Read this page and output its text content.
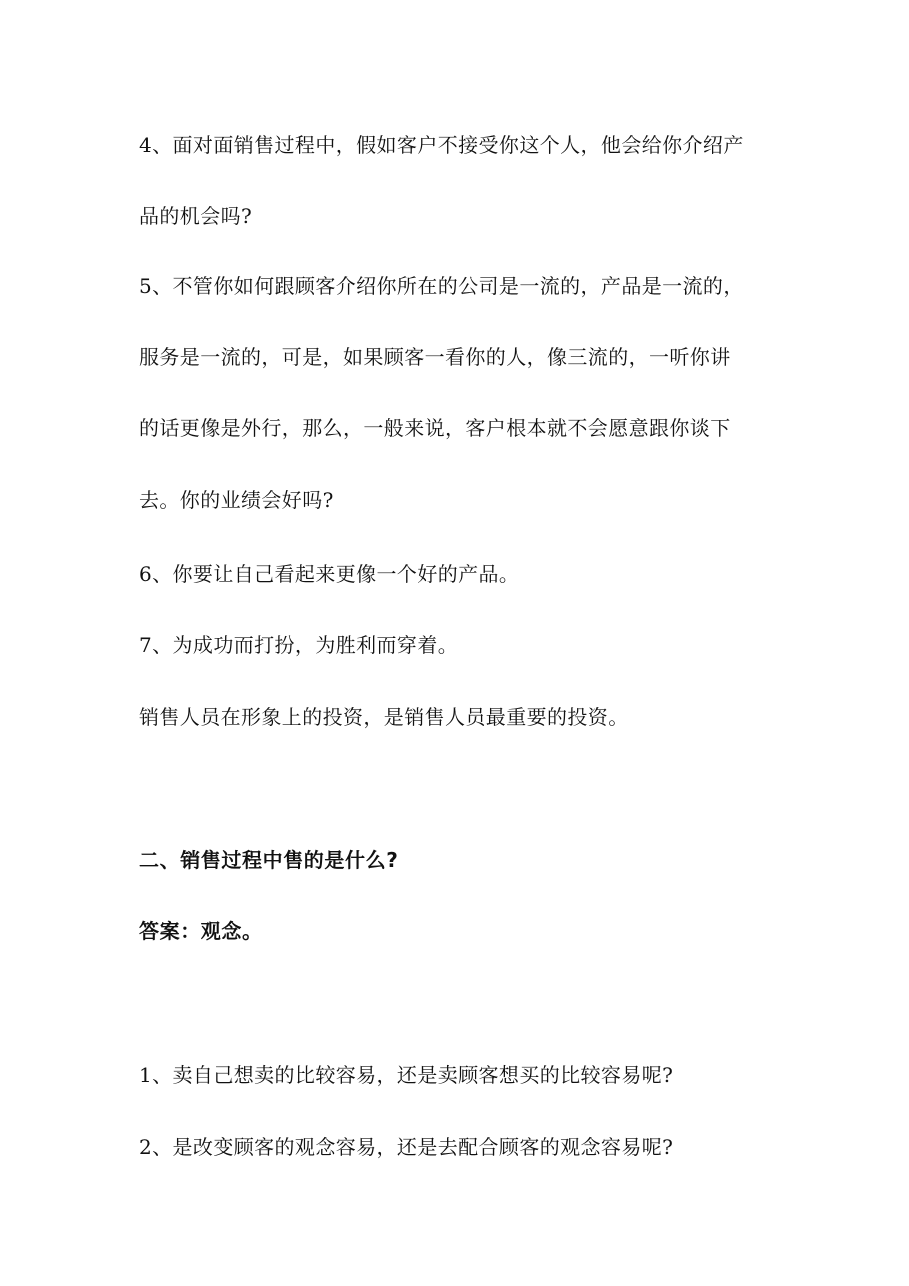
4、面对面销售过程中，假如客户不接受你这个人，他会给你介绍产
品的机会吗?
5、不管你如何跟顾客介绍你所在的公司是一流的，产品是一流的，
服务是一流的，可是，如果顾客一看你的人，像三流的，一听你讲
的话更像是外行，那么，一般来说，客户根本就不会愿意跟你谈下
去。你的业绩会好吗?
6、你要让自己看起来更像一个好的产品。
7、为成功而打扮，为胜利而穿着。
销售人员在形象上的投资，是销售人员最重要的投资。
二、销售过程中售的是什么?
答案：观念。
1、卖自己想卖的比较容易，还是卖顾客想买的比较容易呢?
2、是改变顾客的观念容易，还是去配合顾客的观念容易呢?
